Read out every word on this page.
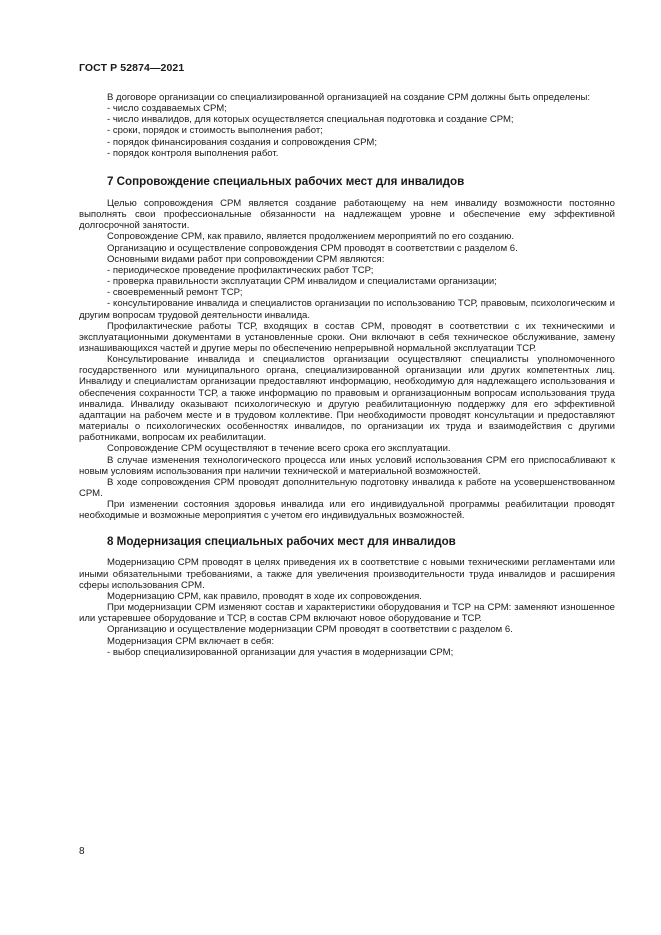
ГОСТ Р 52874—2021

В договоре организации со специализированной организацией на создание СРМ должны быть определены:

- число создаваемых СРМ;

- число инвалидов, для которых осуществляется специальная подготовка и создание СРМ;

- сроки, порядок и стоимость выполнения работ;

- порядок финансирования создания и сопровождения СРМ;

- порядок контроля выполнения работ.

7 Сопровождение специальных рабочих мест для инвалидов

Целью сопровождения СРМ является создание работающему на нем инвалиду возможности постоянно выполнять свои профессиональные обязанности на надлежащем уровне и обеспечение ему эффективной долгосрочной занятости.

Сопровождение СРМ, как правило, является продолжением мероприятий по его созданию.

Организацию и осуществление сопровождения СРМ проводят в соответствии с разделом 6.

Основными видами работ при сопровождении СРМ являются:

- периодическое проведение профилактических работ ТСР;

- проверка правильности эксплуатации СРМ инвалидом и специалистами организации;

- своевременный ремонт ТСР;

- консультирование инвалида и специалистов организации по использованию ТСР, правовым, психологическим и другим вопросам трудовой деятельности инвалида.

Профилактические работы ТСР, входящих в состав СРМ, проводят в соответствии с их техническими и эксплуатационными документами в установленные сроки. Они включают в себя техническое обслуживание, замену изнашивающихся частей и другие меры по обеспечению непрерывной нормальной эксплуатации ТСР.

Консультирование инвалида и специалистов организации осуществляют специалисты уполномоченного государственного или муниципального органа, специализированной организации или других компетентных лиц. Инвалиду и специалистам организации предоставляют информацию, необходимую для надлежащего использования и обеспечения сохранности ТСР, а также информацию по правовым и организационным вопросам использования труда инвалида. Инвалиду оказывают психологическую и другую реабилитационную поддержку для его эффективной адаптации на рабочем месте и в трудовом коллективе. При необходимости проводят консультации и предоставляют материалы о психологических особенностях инвалидов, по организации их труда и взаимодействия с другими работниками, вопросам их реабилитации.

Сопровождение СРМ осуществляют в течение всего срока его эксплуатации.

В случае изменения технологического процесса или иных условий использования СРМ его приспосабливают к новым условиям использования при наличии технической и материальной возможностей.

В ходе сопровождения СРМ проводят дополнительную подготовку инвалида к работе на усовершенствованном СРМ.

При изменении состояния здоровья инвалида или его индивидуальной программы реабилитации проводят необходимые и возможные мероприятия с учетом его индивидуальных возможностей.

8 Модернизация специальных рабочих мест для инвалидов

Модернизацию СРМ проводят в целях приведения их в соответствие с новыми техническими регламентами или иными обязательными требованиями, а также для увеличения производительности труда инвалидов и расширения сферы использования СРМ.

Модернизацию СРМ, как правило, проводят в ходе их сопровождения.

При модернизации СРМ изменяют состав и характеристики оборудования и ТСР на СРМ: заменяют изношенное или устаревшее оборудование и ТСР, в состав СРМ включают новое оборудование и ТСР.

Организацию и осуществление модернизации СРМ проводят в соответствии с разделом 6.

Модернизация СРМ включает в себя:

- выбор специализированной организации для участия в модернизации СРМ;

8
